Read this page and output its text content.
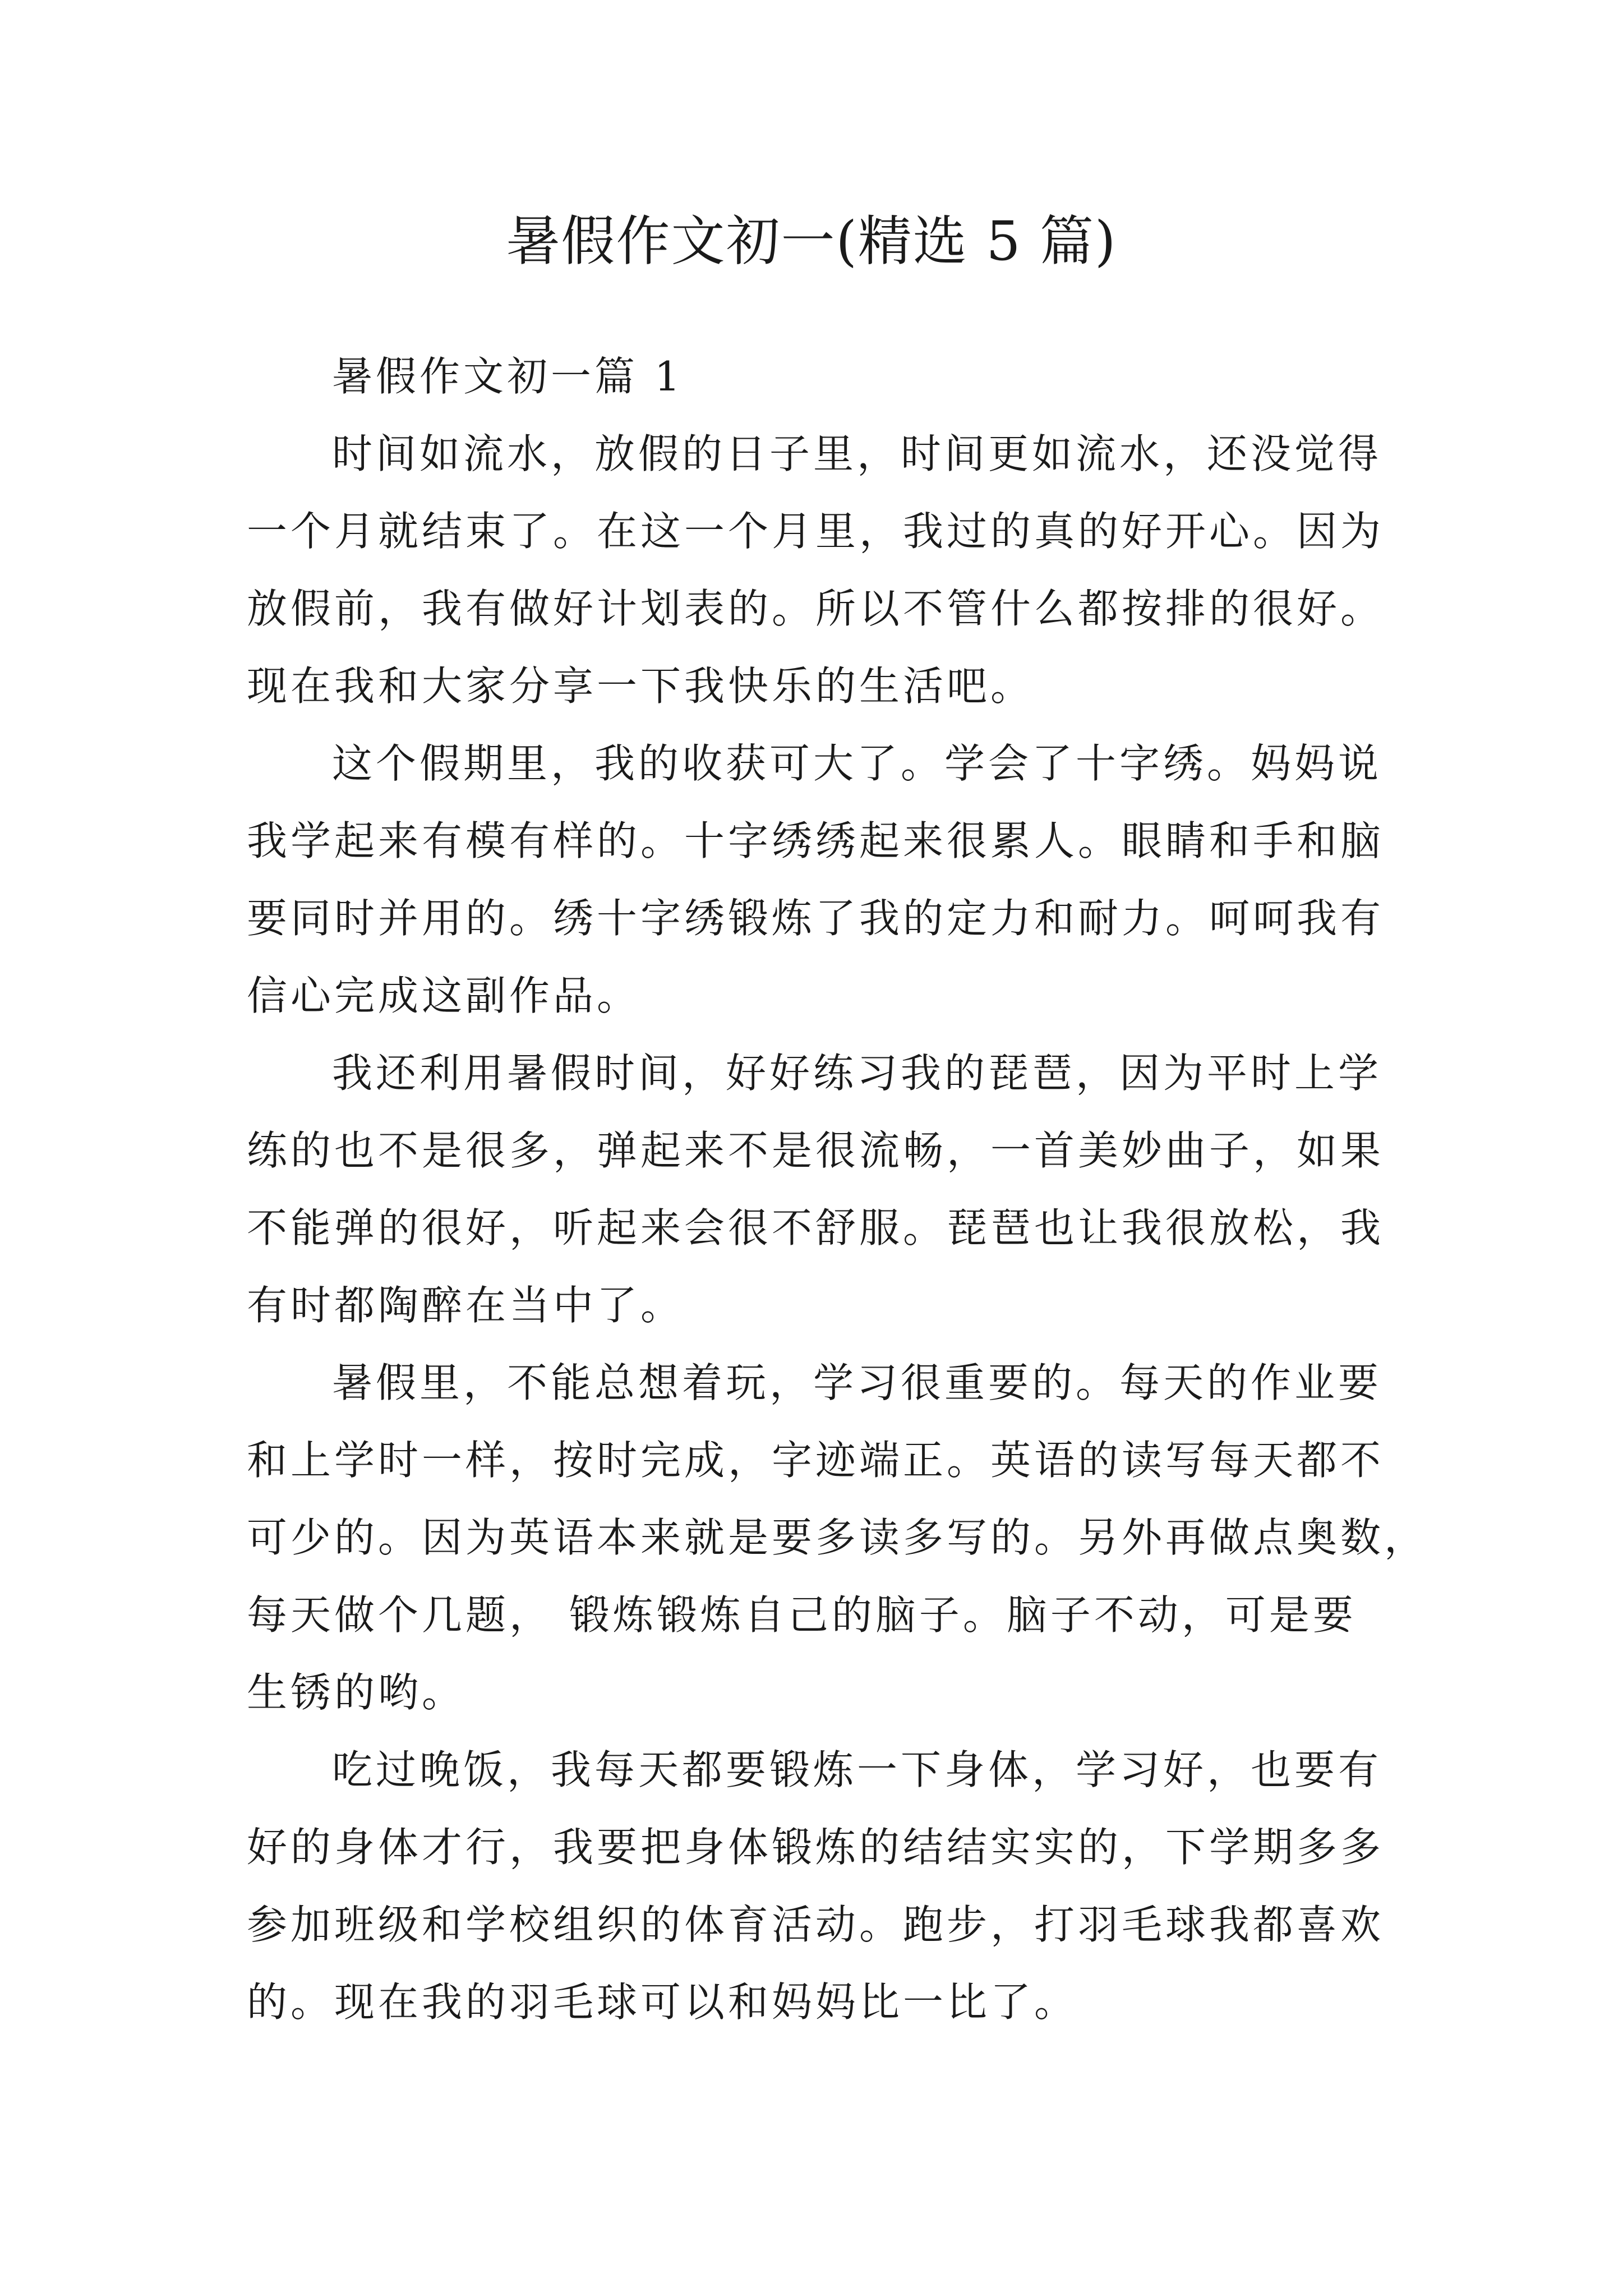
暑假作文初一(精选 5 篇)
暑假作文初一篇 1
时间如流水，放假的日子里，时间更如流水，还没觉得
一个月就结束了。在这一个月里，我过的真的好开心。因为
放假前，我有做好计划表的。所以不管什么都按排的很好。
现在我和大家分享一下我快乐的生活吧。
这个假期里，我的收获可大了。学会了十字绣。妈妈说
我学起来有模有样的。十字绣绣起来很累人。眼睛和手和脑
要同时并用的。绣十字绣锻炼了我的定力和耐力。呵呵我有
信心完成这副作品。
我还利用暑假时间，好好练习我的琵琶，因为平时上学
练的也不是很多，弹起来不是很流畅，一首美妙曲子，如果
不能弹的很好，听起来会很不舒服。琵琶也让我很放松，我
有时都陶醉在当中了。
暑假里，不能总想着玩，学习很重要的。每天的作业要
和上学时一样，按时完成，字迹端正。英语的读写每天都不
可少的。因为英语本来就是要多读多写的。另外再做点奥数，
每天做个几题， 锻炼锻炼自己的脑子。脑子不动，可是要
生锈的哟。
吃过晚饭，我每天都要锻炼一下身体，学习好，也要有
好的身体才行，我要把身体锻炼的结结实实的，下学期多多
参加班级和学校组织的体育活动。跑步，打羽毛球我都喜欢
的。现在我的羽毛球可以和妈妈比一比了。
